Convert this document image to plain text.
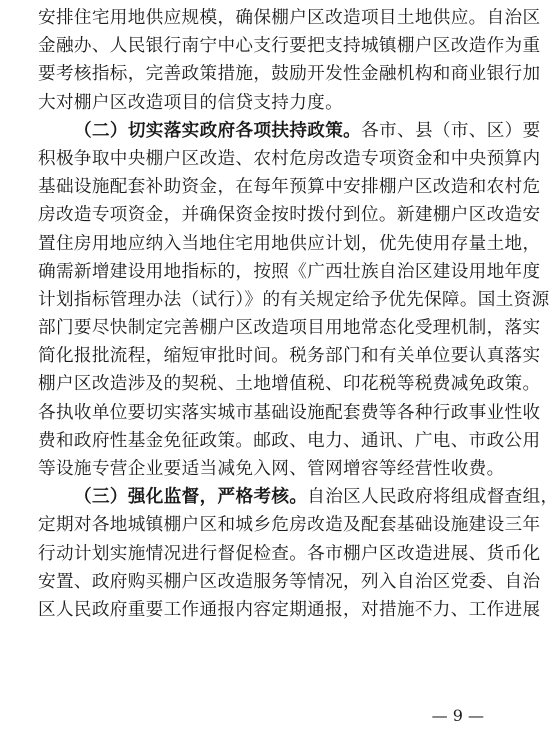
安排住宅用地供应规模，确保棚户区改造项目土地供应。自治区
金融办、人民银行南宁中心支行要把支持城镇棚户区改造作为重
要考核指标，完善政策措施，鼓励开发性金融机构和商业银行加
大对棚户区改造项目的信贷支持力度。
（二）切实落实政府各项扶持政策。各市、县（市、区）要
积极争取中央棚户区改造、农村危房改造专项资金和中央预算内
基础设施配套补助资金，在每年预算中安排棚户区改造和农村危
房改造专项资金，并确保资金按时拨付到位。新建棚户区改造安
置住房用地应纳入当地住宅用地供应计划，优先使用存量土地，
确需新增建设用地指标的，按照《广西壮族自治区建设用地年度
计划指标管理办法（试行）》的有关规定给予优先保障。国土资源
部门要尽快制定完善棚户区改造项目用地常态化受理机制，落实
简化报批流程，缩短审批时间。税务部门和有关单位要认真落实
棚户区改造涉及的契税、土地增值税、印花税等税费减免政策。
各执收单位要切实落实城市基础设施配套费等各种行政事业性收
费和政府性基金免征政策。邮政、电力、通讯、广电、市政公用
等设施专营企业要适当减免入网、管网增容等经营性收费。
（三）强化监督，严格考核。自治区人民政府将组成督查组，
定期对各地城镇棚户区和城乡危房改造及配套基础设施建设三年
行动计划实施情况进行督促检查。各市棚户区改造进展、货币化
安置、政府购买棚户区改造服务等情况，列入自治区党委、自治
区人民政府重要工作通报内容定期通报，对措施不力、工作进展
— 9 —
